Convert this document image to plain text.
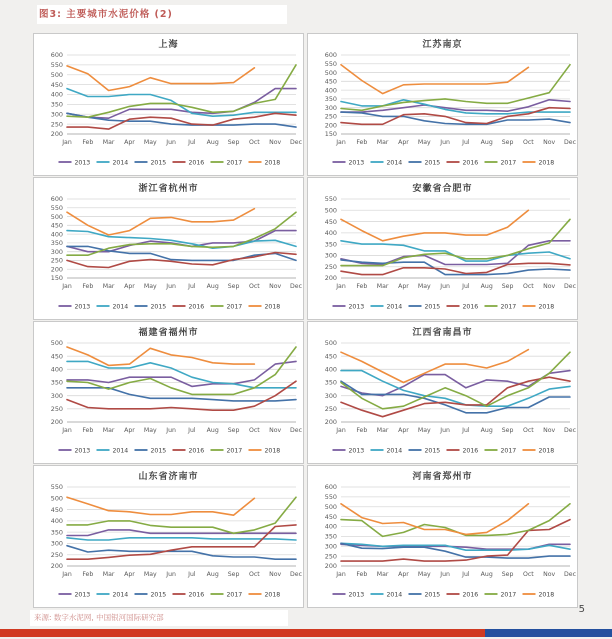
图3: 主要城市水泥价格 (2)
上海
200
250
300
350
400
450
500
550
600
Jan Feb Mar Apr May Jun Jul Aug Sep Oct Nov Dec
2013	2014	2015	2016	2017	2018
江苏南京
150
200
250
300
350
400
450
500
550
600
Jan Feb Mar Apr May Jun Jul Aug Sep Oct Nov Dec
2013	2014	2015	2016	2017	2018
浙江省杭州市
150
200
250
300
350
400
450
500
550
600
Jan Feb Mar Apr May Jun Jul Aug Sep Oct Nov Dec
2013	2014	2015	2016	2017	2018
安徽省合肥市
200
250
300
350
400
450
500
550
Jan Feb Mar Apr May Jun Jul Aug Sep Oct Nov Dec
2013	2014	2015	2016	2017	2018
福建省福州市
200
250
300
350
400
450
500
Jan Feb Mar Apr May Jun Jul Aug Sep Oct Nov Dec
2013	2014	2015	2016	2017	2018
江西省南昌市
200
250
300
350
400
450
500
Jan Feb Mar Apr May Jun Jul Aug Sep Oct Nov Dec
2013	2014	2015	2016	2017	2018
山东省济南市
200
250
300
350
400
450
500
550
Jan Feb Mar Apr May Jun Jul Aug Sep Oct Nov Dec
2013	2014	2015	2016	2017	2018
河南省郑州市
200
250
300
350
400
450
500
550
600
Jan Feb Mar Apr May Jun Jul Aug Sep Oct Nov Dec
2013	2014	2015	2016	2017	2018
来源: 数字水泥网, 中国银河国际研究部
5
